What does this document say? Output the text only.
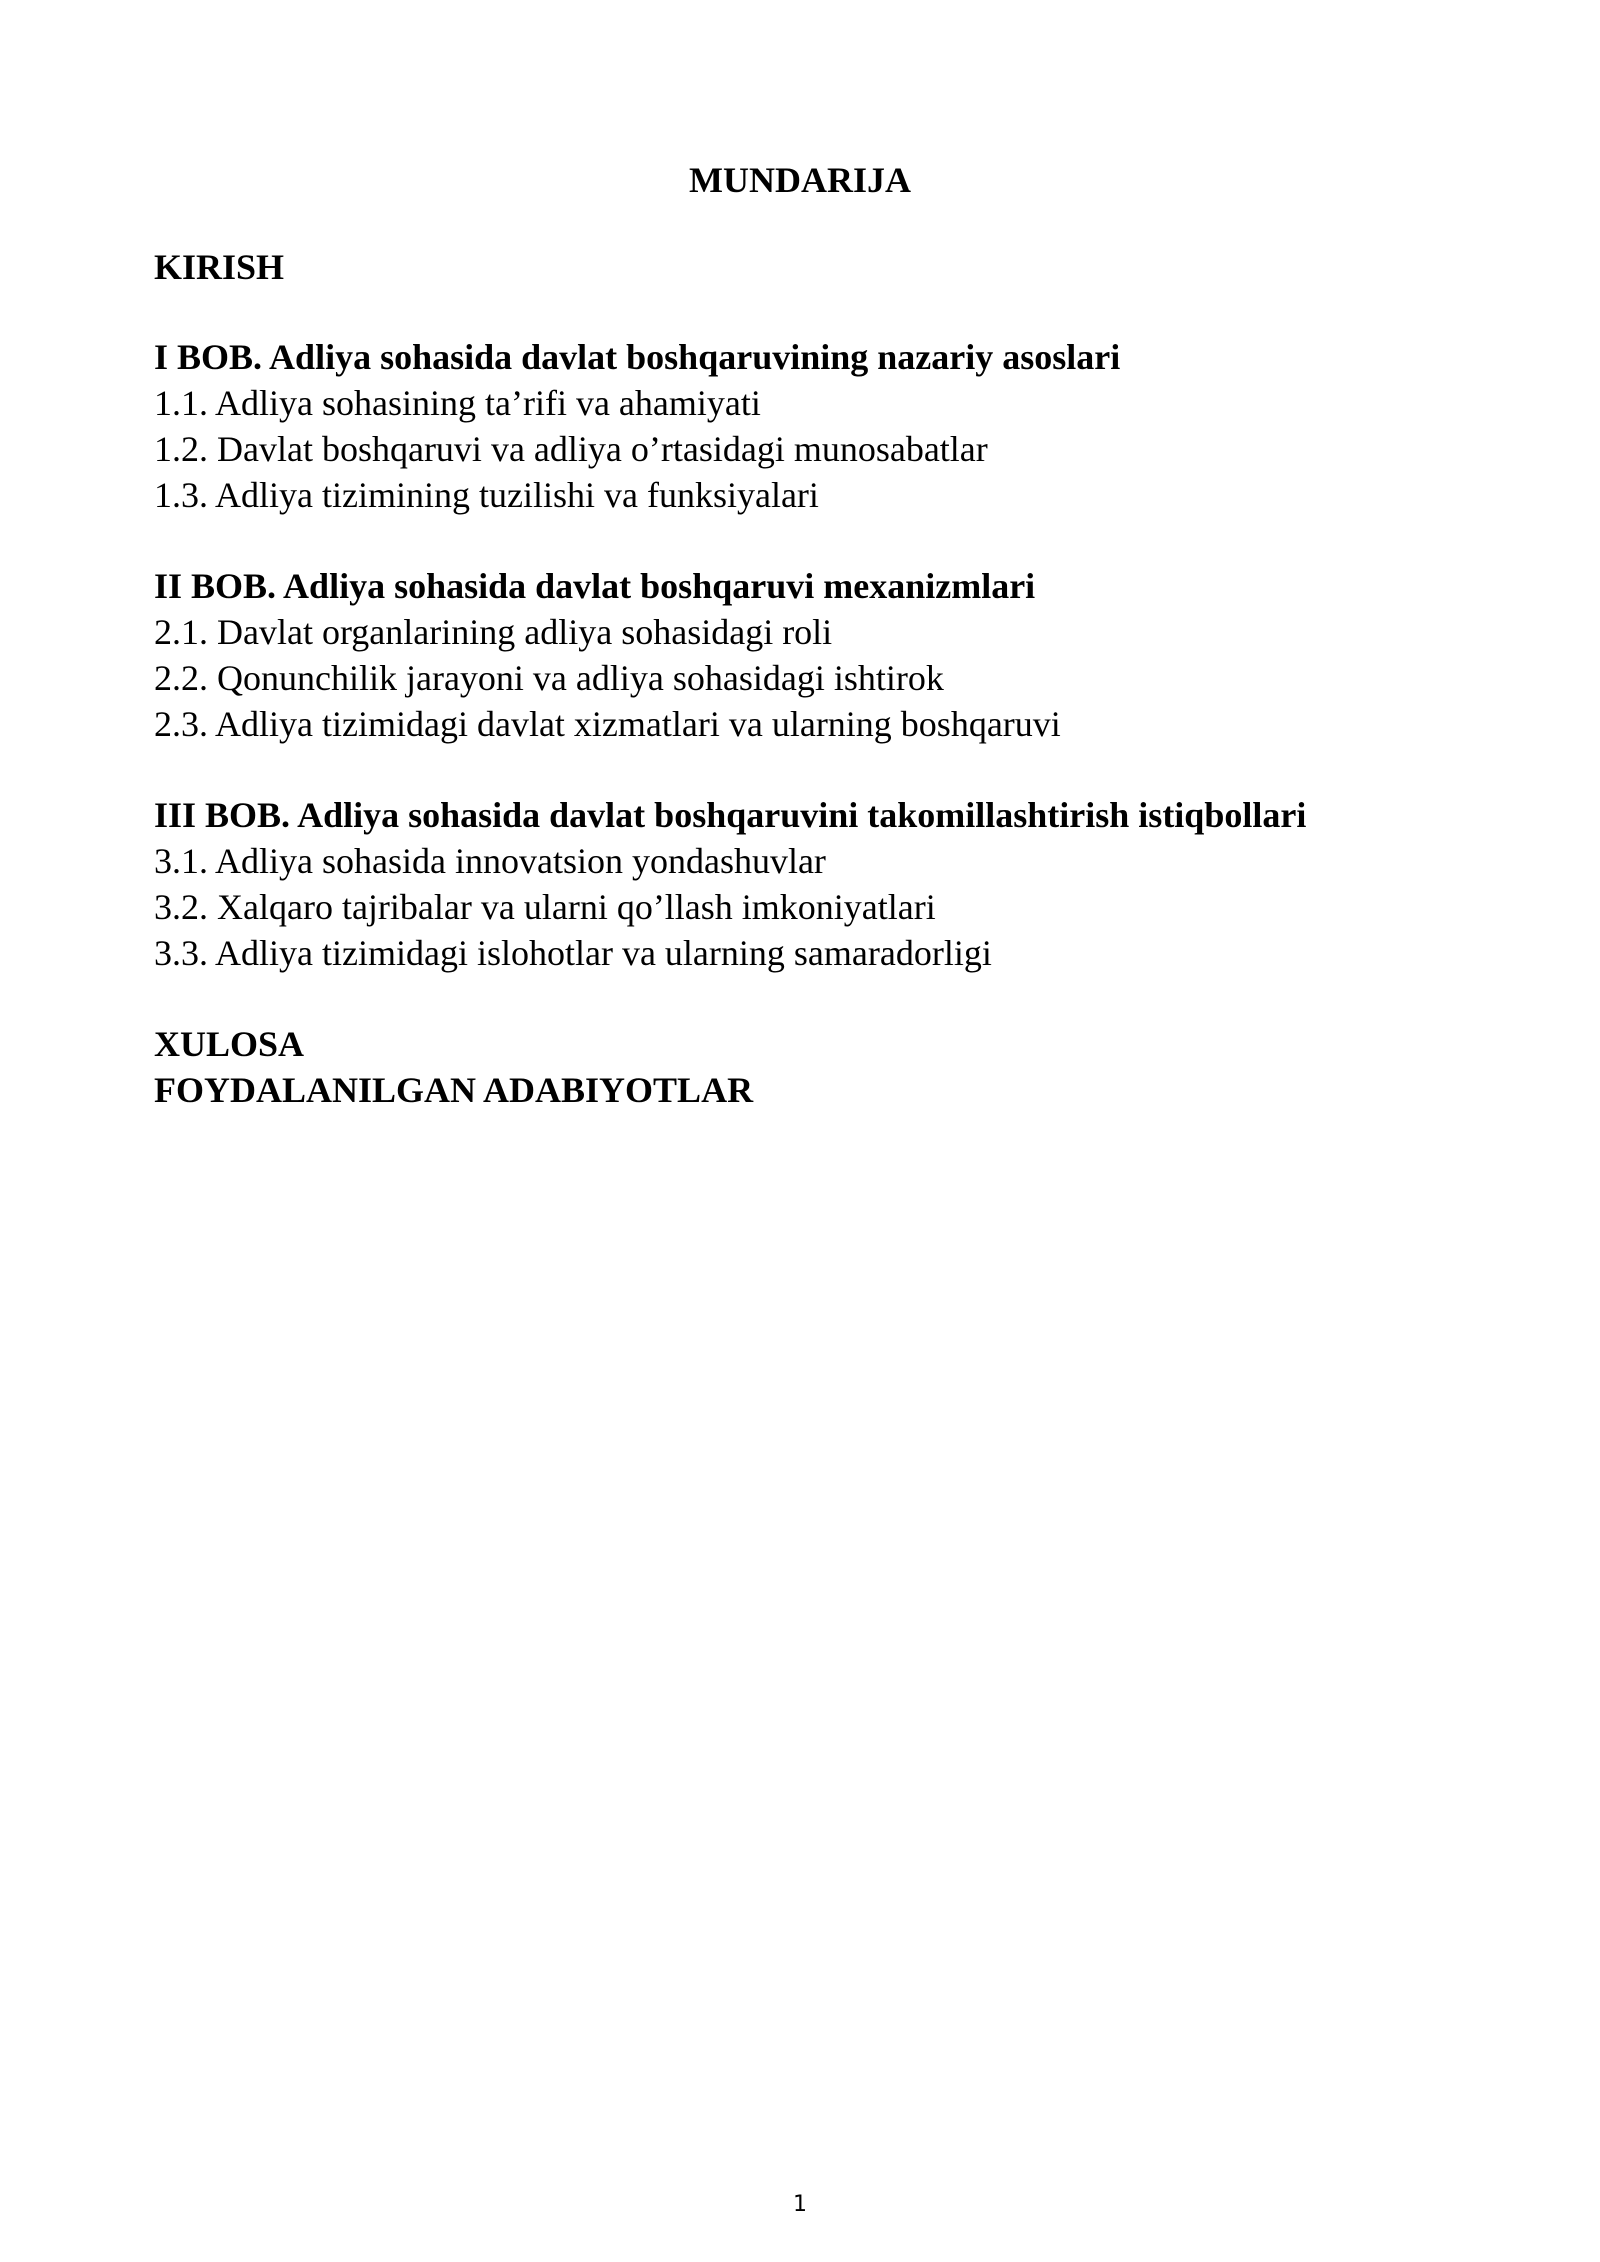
MUNDARIJA
KIRISH
I BOB. Adliya sohasida davlat boshqaruvining nazariy asoslari
1.1. Adliya sohasining ta’rifi va ahamiyati
1.2. Davlat boshqaruvi va adliya o’rtasidagi munosabatlar
1.3. Adliya tizimining tuzilishi va funksiyalari
II BOB. Adliya sohasida davlat boshqaruvi mexanizmlari
2.1. Davlat organlarining adliya sohasidagi roli
2.2. Qonunchilik jarayoni va adliya sohasidagi ishtirok
2.3. Adliya tizimidagi davlat xizmatlari va ularning boshqaruvi
III BOB. Adliya sohasida davlat boshqaruvini takomillashtirish istiqbollari
3.1. Adliya sohasida innovatsion yondashuvlar
3.2. Xalqaro tajribalar va ularni qo’llash imkoniyatlari
3.3. Adliya tizimidagi islohotlar va ularning samaradorligi
XULOSA
FOYDALANILGAN ADABIYOTLAR
1
